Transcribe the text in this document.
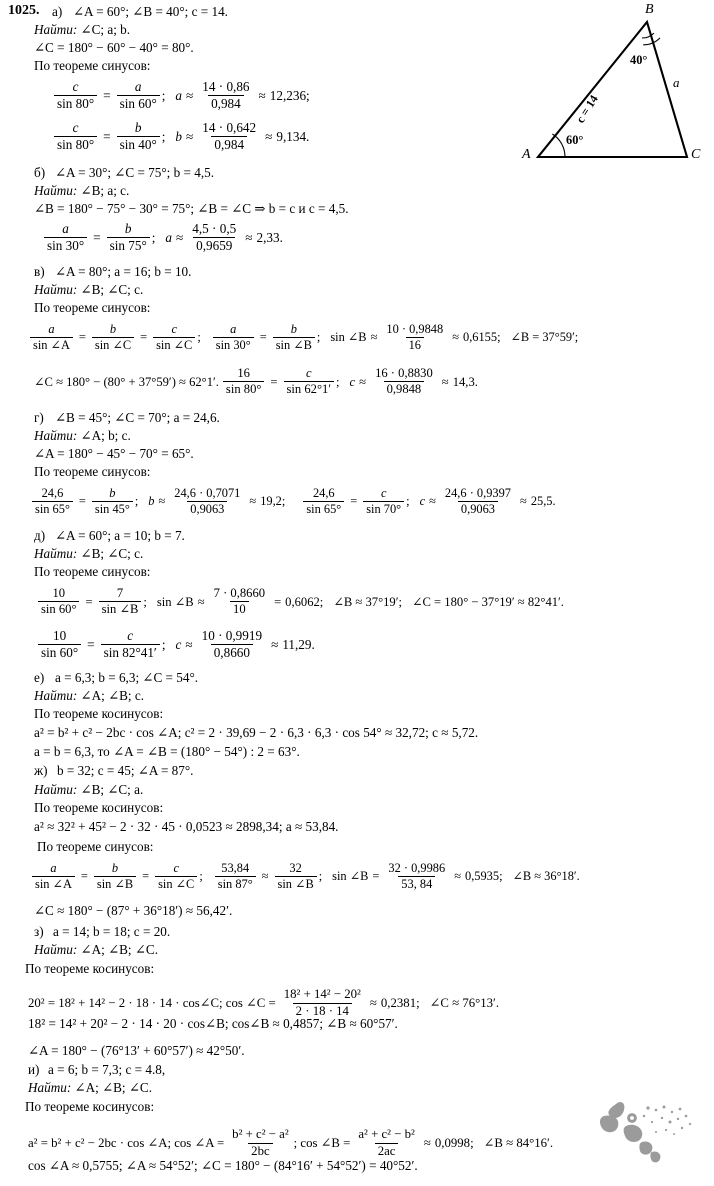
A	C
B
60°
40°
a
c = 14
1025. а) ∠A = 60°; ∠B = 40°; c = 14.
Найти: ∠C; a; b.
∠C = 180° − 60° − 40° = 80°.
По теореме синусов:
$\frac{c}{\sin 80^\circ} = \frac{a}{\sin 60^\circ}$ ; $a \approx \frac{14 \cdot 0,86}{0,984} \approx 12,236$;
$\frac{c}{\sin 80^\circ} = \frac{b}{\sin 40^\circ}$ ; $b \approx \frac{14 \cdot 0,642}{0,984} \approx 9,134$.
б) ∠A = 30°; ∠C = 75°; b = 4,5.
Найти: ∠B; a; c.
∠B = 180° − 75° − 30° = 75°; ∠B = ∠C ⇒ b = c и c = 4,5.
$\frac{a}{\sin 30^\circ} = \frac{b}{\sin 75^\circ}$ ; $a \approx \frac{4,5 \cdot 0,5}{0,9659} \approx 2,33$.
в) ∠A = 80°; a = 16; b = 10.
Найти: ∠B; ∠C; c.
По теореме синусов:
$\frac{a}{\sin \angle A} = \frac{b}{\sin \angle C} = \frac{c}{\sin \angle C}$ ; $\frac{a}{\sin 30^\circ} = \frac{b}{\sin \angle B}$ ; sin ∠B ≈ $\frac{10 \cdot 0,9848}{16} \approx 0,6155$; ∠B = 37°59′;
∠C ≈ 180° − (80° + 37°59′) ≈ 62°1′. $\frac{16}{\sin 80^\circ} = \frac{c}{\sin 62^\circ 1'}$ ; $c \approx \frac{16 \cdot 0,8830}{0,9848} \approx 14,3$.
г) ∠B = 45°; ∠C = 70°; a = 24,6.
Найти: ∠A; b; c.
∠A = 180° − 45° − 70° = 65°.
По теореме синусов:
$\frac{24,6}{\sin 65^\circ} = \frac{b}{\sin 45^\circ}$ ; $b \approx \frac{24,6 \cdot 0,7071}{0,9063} \approx 19,2$; $\frac{24,6}{\sin 65^\circ} = \frac{c}{\sin 70^\circ}$ ; $c \approx \frac{24,6 \cdot 0,9397}{0,9063} \approx 25,5$.
д) ∠A = 60°; a = 10; b = 7.
Найти: ∠B; ∠C; c.
По теореме синусов:
$\frac{10}{\sin 60^\circ} = \frac{7}{\sin \angle B}$ ; sin ∠B ≈ $\frac{7 \cdot 0,8660}{10} = 0,6062$; ∠B ≈ 37°19′; ∠C = 180° − 37°19′ ≈ 82°41′.
$\frac{10}{\sin 60^\circ} = \frac{c}{\sin 82^\circ 41'}$ ; $c \approx \frac{10 \cdot 0,9919}{0,8660} \approx 11,29$.
е) a = 6,3; b = 6,3; ∠C = 54°.
Найти: ∠A; ∠B; c.
По теореме косинусов:
a² = b² + c² − 2bc · cos ∠A; c² = 2 · 39,69 − 2 · 6,3 · 6,3 · cos 54° ≈ 32,72; c ≈ 5,72.
a = b = 6,3, то ∠A = ∠B = (180° − 54°) : 2 = 63°.
ж) b = 32; c = 45; ∠A = 87°.
Найти: ∠B; ∠C; a.
По теореме косинусов:
a² ≈ 32² + 45² − 2 · 32 · 45 · 0,0523 ≈ 2898,34; a ≈ 53,84.
По теореме синусов:
$\frac{a}{\sin \angle A} = \frac{b}{\sin \angle B} = \frac{c}{\sin \angle C}$ ; $\frac{53,84}{\sin 87^\circ} \approx \frac{32}{\sin \angle B}$ ; sin ∠B = $\frac{32 \cdot 0,9986}{53, 84} \approx 0,5935$; ∠B ≈ 36°18′.
∠C ≈ 180° − (87° + 36°18′) ≈ 56,42′.
з) a = 14; b = 18; c = 20.
Найти: ∠A; ∠B; ∠C.
По теореме косинусов:
20² = 18² + 14² − 2 · 18 · 14 · cos∠C; cos ∠C = $\frac{\text{18² + 14² − 20²}}{2 \cdot 18 \cdot 14} \approx 0,2381$; ∠C ≈ 76°13′.
18² = 14² + 20² − 2 · 14 · 20 · cos∠B; cos∠B ≈ 0,4857; ∠B ≈ 60°57′.
∠A = 180° − (76°13′ + 60°57′) ≈ 42°50′.
и) a = 6; b = 7,3; c = 4.8,
Найти: ∠A; ∠B; ∠C.
По теореме косинусов:
a² = b² + c² − 2bc · cos ∠A; cos ∠A = $\frac{\text{b² + c² − a²}}{2bc}$ ; cos ∠B = $\frac{\text{a² + c² − b²}}{2ac} \approx 0,0998$; ∠B ≈ 84°16′.
cos ∠A ≈ 0,5755; ∠A ≈ 54°52′; ∠C = 180° − (84°16′ + 54°52′) = 40°52′.
